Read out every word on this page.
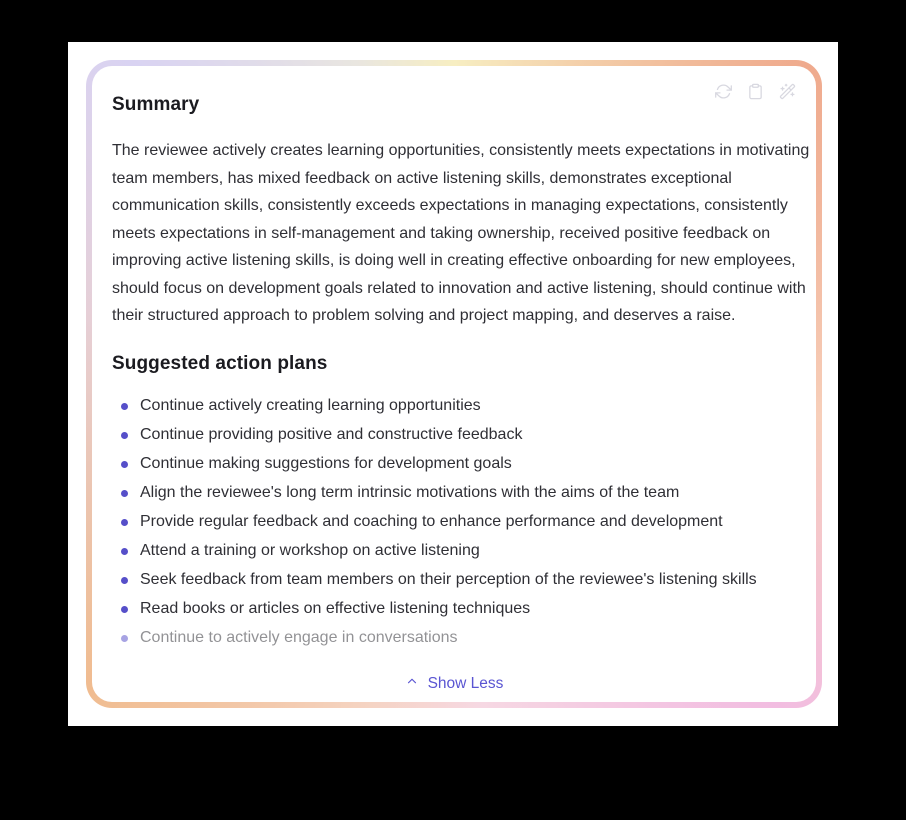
Summary

The reviewee actively creates learning opportunities, consistently meets expectations in motivating team members, has mixed feedback on active listening skills, demonstrates exceptional communication skills, consistently exceeds expectations in managing expectations, consistently meets expectations in self-management and taking ownership, received positive feedback on improving active listening skills, is doing well in creating effective onboarding for new employees, should focus on development goals related to innovation and active listening, should continue with their structured approach to problem solving and project mapping, and deserves a raise.

Suggested action plans
Continue actively creating learning opportunities
Continue providing positive and constructive feedback
Continue making suggestions for development goals
Align the reviewee's long term intrinsic motivations with the aims of the team
Provide regular feedback and coaching to enhance performance and development
Attend a training or workshop on active listening
Seek feedback from team members on their perception of the reviewee's listening skills
Read books or articles on effective listening techniques
Continue to actively engage in conversations
Show Less
